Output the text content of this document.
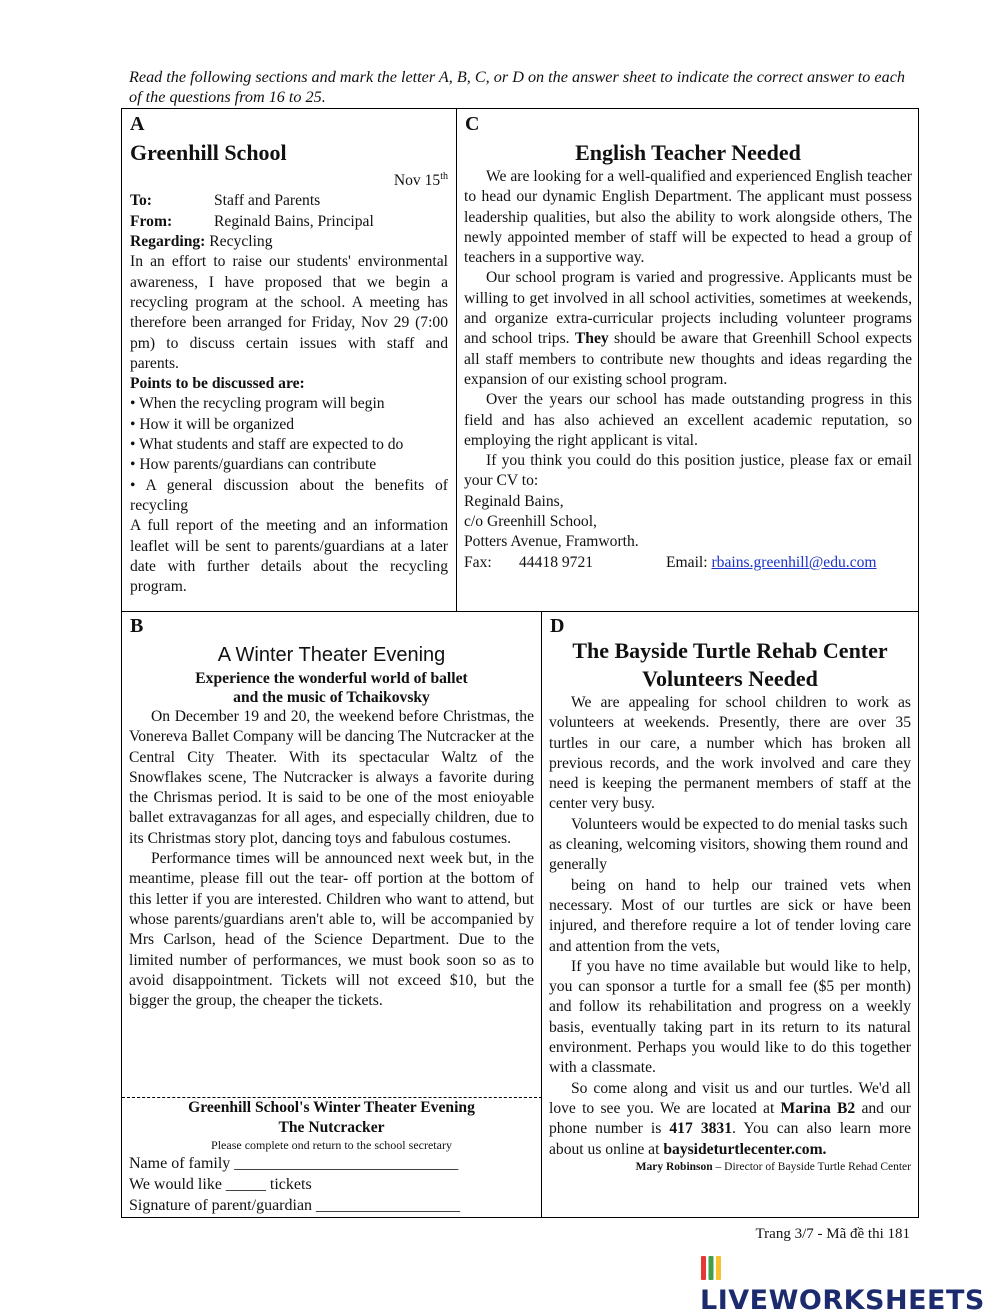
Read the following sections and mark the letter A, B, C, or D on the answer sheet to indicate the correct answer to each of the questions from 16 to 25.
A
Greenhill School
Nov 15th
To:	Staff and Parents
From:	Reginald Bains, Principal
Regarding: Recycling

In an effort to raise our students' environmental awareness, I have proposed that we begin a recycling program at the school. A meeting has therefore been arranged for Friday, Nov 29 (7:00 pm) to discuss certain issues with staff and parents.

Points to be discussed are:

• When the recycling program will begin

• How it will be organized

• What students and staff are expected to do

• How parents/guardians can contribute

• A general discussion about the benefits of recycling

A full report of the meeting and an information leaflet will be sent to parents/guardians at a later date with further details about the recycling program.

C
English Teacher Needed

We are looking for a well-qualified and experienced English teacher to head our dynamic English Department. The applicant must possess leadership qualities, but also the ability to work alongside others, The newly appointed member of staff will be expected to head a group of teachers in a supportive way.

Our school program is varied and progressive. Applicants must be willing to get involved in all school activities, sometimes at weekends, and organize extra-curricular projects including volunteer programs and school trips. They should be aware that Greenhill School expects all staff members to contribute new thoughts and ideas regarding the expansion of our existing school program.

Over the years our school has made outstanding progress in this field and has also achieved an excellent academic reputation, so employing the right applicant is vital.

If you think you could do this position justice, please fax or email your CV to:

Reginald Bains,
c/o Greenhill School,
Potters Avenue, Framworth.
Fax: 44418 9721	Email: rbains.greenhill@edu.com
B
A Winter Theater Evening
Experience the wonderful world of ballet
and the music of Tchaikovsky

On December 19 and 20, the weekend before Christmas, the Vonereva Ballet Company will be dancing The Nutcracker at the Central City Theater. With its spectacular Waltz of the Snowflakes scene, The Nutcracker is always a favorite during the Chrismas period. It is said to be one of the most enioyable ballet extravaganzas for all ages, and especially children, due to its Christmas story plot, dancing toys and fabulous costumes.

Performance times will be announced next week but, in the meantime, please fill out the tear- off portion at the bottom of this letter if you are interested. Children who want to attend, but whose parents/guardians aren't able to, will be accompanied by Mrs Carlson, head of the Science Department. Due to the limited number of performances, we must book soon so as to avoid disappointment. Tickets will not exceed $10, but the bigger the group, the cheaper the tickets.

Greenhill School's Winter Theater Evening
The Nutcracker
Please complete ond return to the school secretary
Name of family ____________________________
We would like _____ tickets
Signature of parent/guardian __________________
D
The Bayside Turtle Rehab Center
Volunteers Needed

We are appealing for school children to work as volunteers at weekends. Presently, there are over 35 turtles in our care, a number which has broken all previous records, and the work involved and care they need is keeping the permanent members of staff at the center very busy.

Volunteers would be expected to do menial tasks such as cleaning, welcoming visitors, showing them round and generally

being on hand to help our trained vets when necessary. Most of our turtles are sick or have been injured, and therefore require a lot of tender loving care and attention from the vets,

If you have no time available but would like to help, you can sponsor a turtle for a small fee ($5 per month) and follow its rehabilitation and progress on a weekly basis, eventually taking part in its return to its natural environment. Perhaps you would like to do this together with a classmate.

So come along and visit us and our turtles. We'd all love to see you. We are located at Marina B2 and our phone number is 417 3831. You can also learn more about us online at baysideturtlecenter.com.

Mary Robinson – Director of Bayside Turtle Rehad Center
Trang 3/7 - Mã đề thi 181
LIVEWORKSHEETS
